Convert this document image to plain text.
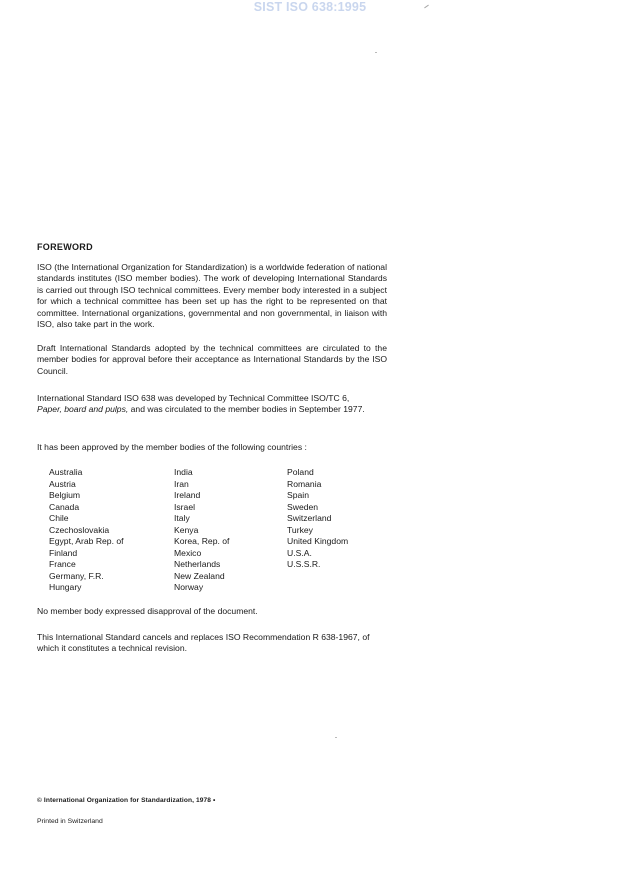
SIST ISO 638:1995
FOREWORD
ISO (the International Organization for Standardization) is a worldwide federation of national standards institutes (ISO member bodies). The work of developing International Standards is carried out through ISO technical committees. Every member body interested in a subject for which a technical committee has been set up has the right to be represented on that committee. International organizations, governmental and non governmental, in liaison with ISO, also take part in the work.
Draft International Standards adopted by the technical committees are circulated to the member bodies for approval before their acceptance as International Standards by the ISO Council.
International Standard ISO 638 was developed by Technical Committee ISO/TC 6,
Paper, board and pulps, and was circulated to the member bodies in September 1977.
It has been approved by the member bodies of the following countries :
Australia
Austria
Belgium
Canada
Chile
Czechoslovakia
Egypt, Arab Rep. of
Finland
France
Germany, F.R.
Hungary
India
Iran
Ireland
Israel
Italy
Kenya
Korea, Rep. of
Mexico
Netherlands
New Zealand
Norway
Poland
Romania
Spain
Sweden
Switzerland
Turkey
United Kingdom
U.S.A.
U.S.S.R.
No member body expressed disapproval of the document.
This International Standard cancels and replaces ISO Recommendation R 638-1967, of which it constitutes a technical revision.
© International Organization for Standardization, 1978 •
Printed in Switzerland
